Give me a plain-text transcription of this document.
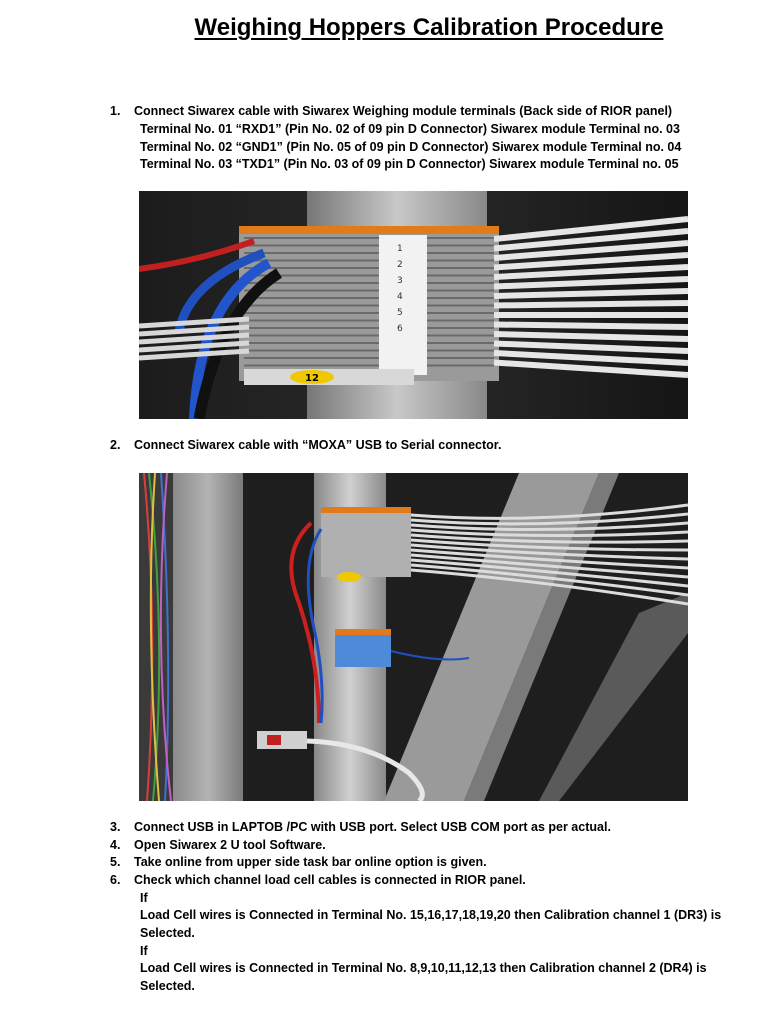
Weighing Hoppers Calibration Procedure
1. Connect Siwarex cable with Siwarex Weighing module terminals (Back side of RIOR panel)
Terminal No. 01 “RXD1” (Pin No. 02 of 09 pin D Connector) Siwarex module Terminal no. 03
Terminal No. 02 “GND1” (Pin No. 05 of 09 pin D Connector) Siwarex module Terminal no. 04
Terminal No. 03 “TXD1” (Pin No. 03 of 09 pin D Connector) Siwarex module Terminal no. 05
1
2
3
4
5
6
12
2. Connect Siwarex cable with “MOXA” USB to Serial connector.
3. Connect USB in LAPTOB /PC with USB port. Select USB COM port as per actual.
4. Open Siwarex 2 U tool Software.
5. Take online from upper side task bar online option is given.
6. Check which channel load cell cables is connected in RIOR panel.
If
Load Cell wires is Connected in Terminal No. 15,16,17,18,19,20 then Calibration channel 1 (DR3) is
Selected.
If
Load Cell wires is Connected in Terminal No. 8,9,10,11,12,13 then Calibration channel 2 (DR4) is
Selected.
